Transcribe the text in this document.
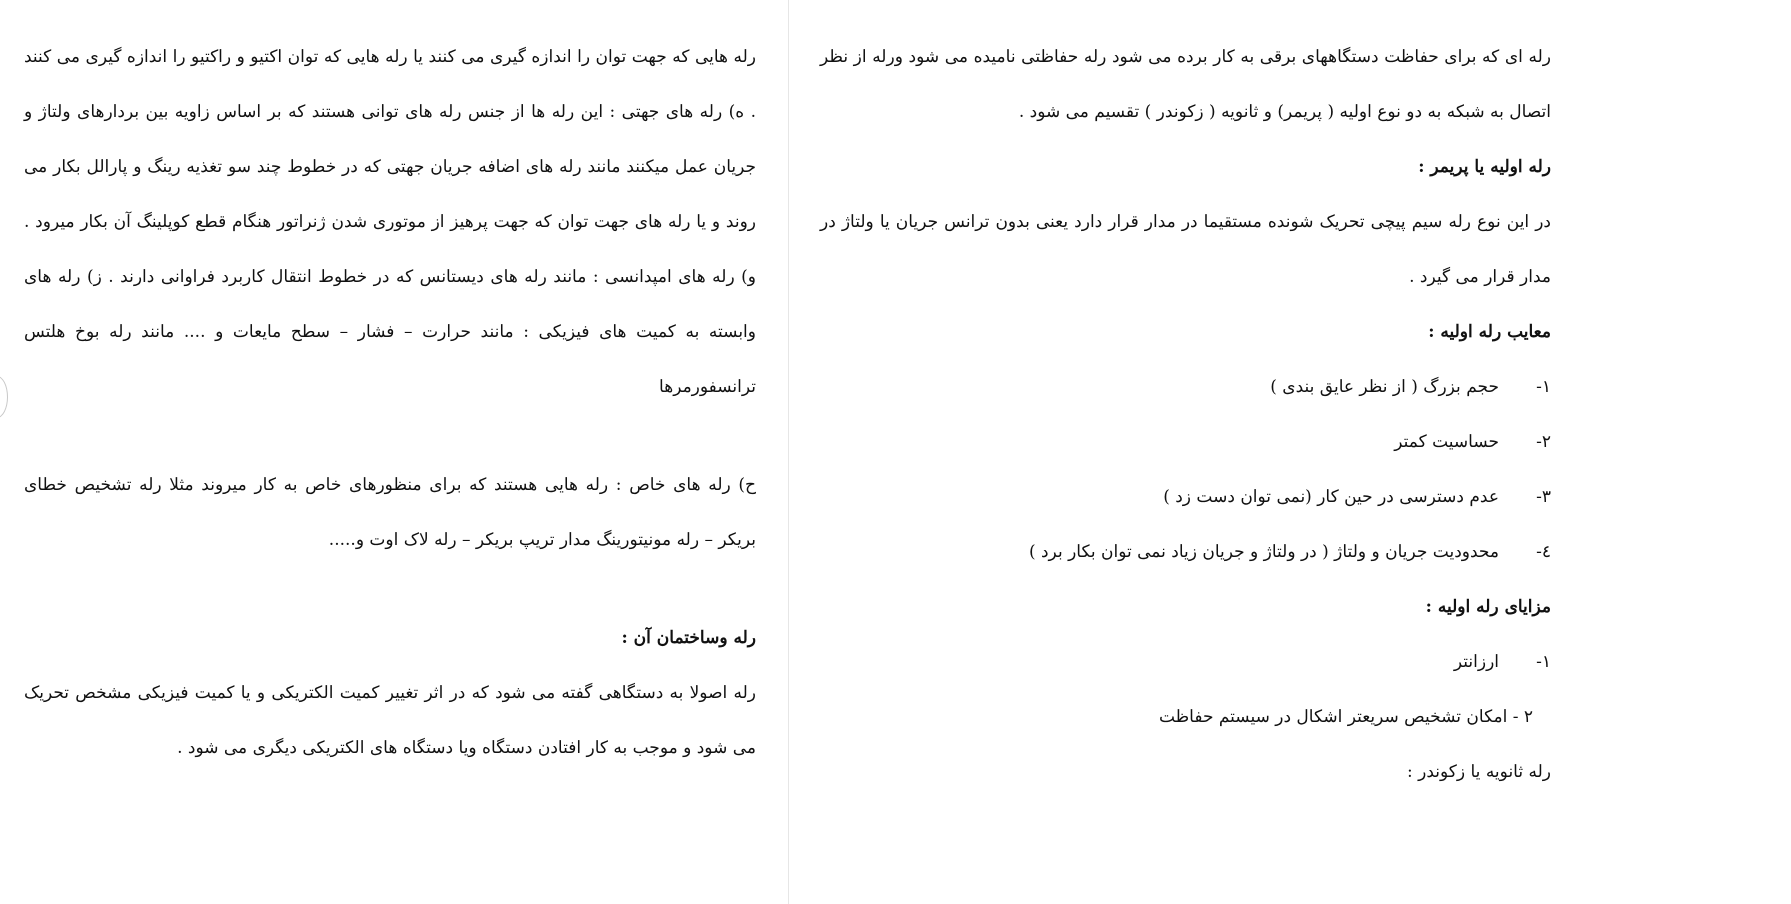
رله هایی که جهت توان را اندازه گیری می کنند یا رله هایی که توان اکتیو و راکتیو را اندازه گیری می کنند . ه) رله های جهتی : این رله ها از جنس رله های توانی هستند که بر اساس زاویه بین بردارهای ولتاژ و جریان عمل میکنند مانند رله های اضافه جریان جهتی که در خطوط چند سو تغذیه رینگ و پارالل بکار می روند و یا رله های جهت توان که جهت پرهیز از موتوری شدن ژنراتور هنگام قطع کوپلینگ آن بکار میرود . و) رله های امپدانسی : مانند رله های دیستانس که در خطوط انتقال کاربرد فراوانی دارند . ز) رله های وابسته به کمیت های فیزیکی : مانند حرارت – فشار – سطح مایعات و .... مانند رله بوخ هلتس ترانسفورمرها

ح) رله های خاص : رله هایی هستند که برای منظورهای خاص به کار میروند مثلا رله تشخیص خطای بریکر – رله مونیتورینگ مدار تریپ بریکر – رله لاک اوت و.....

رله وساختمان آن :

رله اصولا به دستگاهی گفته می شود که در اثر تغییر کمیت الکتریکی و یا کمیت فیزیکی مشخص تحریک می شود و موجب به کار افتادن دستگاه ویا دستگاه های الکتریکی دیگری می شود .

رله ای که برای حفاظت دستگاههای برقی به کار برده می شود رله حفاظتی نامیده می شود ورله از نظر اتصال به شبکه به دو نوع اولیه ( پریمر) و ثانویه ( زکوندر ) تقسیم می شود .

رله اولیه یا پریمر :

در این نوع رله سیم پیچی تحریک شونده مستقیما در مدار قرار دارد یعنی بدون ترانس جریان یا ولتاژ در مدار قرار می گیرد .

معایب رله اولیه :

۱-حجم بزرگ ( از نظر عایق بندی )

۲-حساسیت کمتر

۳-عدم دسترسی در حین کار (نمی توان دست زد )

٤-محدودیت جریان و ولتاژ ( در ولتاژ و جریان زیاد نمی توان بکار برد )

مزایای رله اولیه :

۱-ارزانتر

۲ - امکان تشخیص سریعتر اشکال در سیستم حفاظت

رله ثانویه یا زکوندر :
